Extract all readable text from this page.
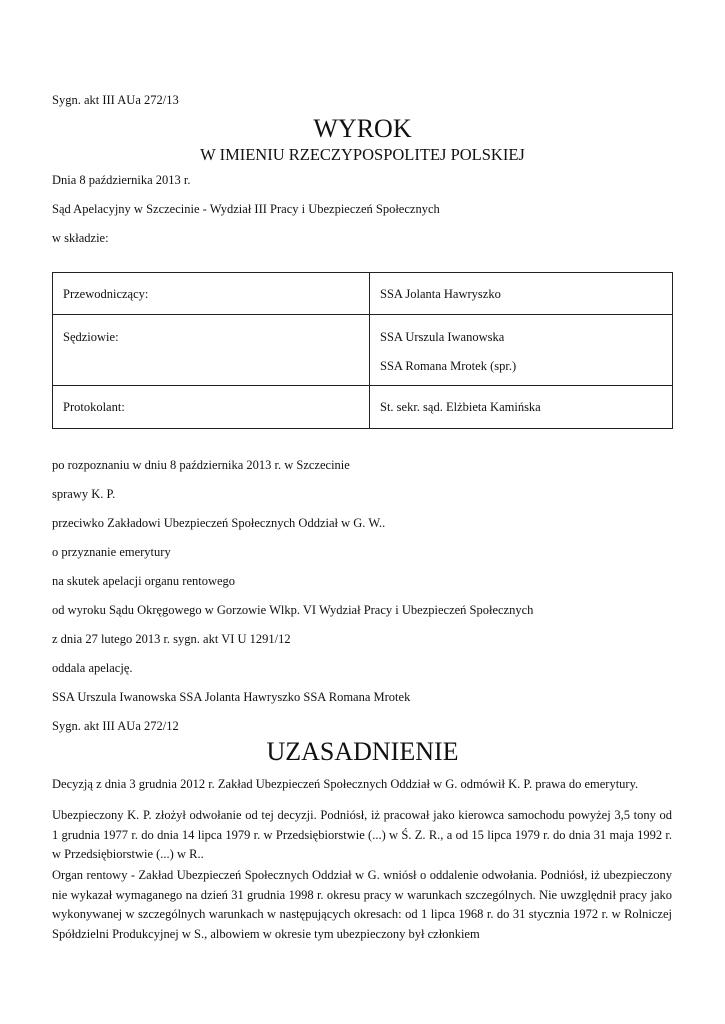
Sygn. akt III AUa 272/13
WYROK
W IMIENIU RZECZYPOSPOLITEJ POLSKIEJ
Dnia 8 października 2013 r.
Sąd Apelacyjny w Szczecinie - Wydział III Pracy i Ubezpieczeń Społecznych
w składzie:
Przewodniczący:	SSA Jolanta Hawryszko

Sędziowie:	SSA Urszula Iwanowska
SSA Romana Mrotek (spr.)

Protokolant:	St. sekr. sąd. Elżbieta Kamińska
po rozpoznaniu w dniu 8 października 2013 r. w Szczecinie
sprawy K. P.
przeciwko Zakładowi Ubezpieczeń Społecznych Oddział w G. W..
o przyznanie emerytury
na skutek apelacji organu rentowego
od wyroku Sądu Okręgowego w Gorzowie Wlkp. VI Wydział Pracy i Ubezpieczeń Społecznych
z dnia 27 lutego 2013 r. sygn. akt VI U 1291/12
oddala apelację.
SSA Urszula Iwanowska SSA Jolanta Hawryszko SSA Romana Mrotek
Sygn. akt III AUa 272/12
UZASADNIENIE
Decyzją z dnia 3 grudnia 2012 r. Zakład Ubezpieczeń Społecznych Oddział w G. odmówił K. P. prawa do emerytury.
Ubezpieczony K. P. złożył odwołanie od tej decyzji. Podniósł, iż pracował jako kierowca samochodu powyżej 3,5 tony od 1 grudnia 1977 r. do dnia 14 lipca 1979 r. w Przedsiębiorstwie (...) w Ś. Z. R., a od 15 lipca 1979 r. do dnia 31 maja 1992 r. w Przedsiębiorstwie (...) w R..
Organ rentowy - Zakład Ubezpieczeń Społecznych Oddział w G. wniósł o oddalenie odwołania. Podniósł, iż ubezpieczony nie wykazał wymaganego na dzień 31 grudnia 1998 r. okresu pracy w warunkach szczególnych. Nie uwzględnił pracy jako wykonywanej w szczególnych warunkach w następujących okresach: od 1 lipca 1968 r. do 31 stycznia 1972 r. w Rolniczej Spółdzielni Produkcyjnej w S., albowiem w okresie tym ubezpieczony był członkiem
